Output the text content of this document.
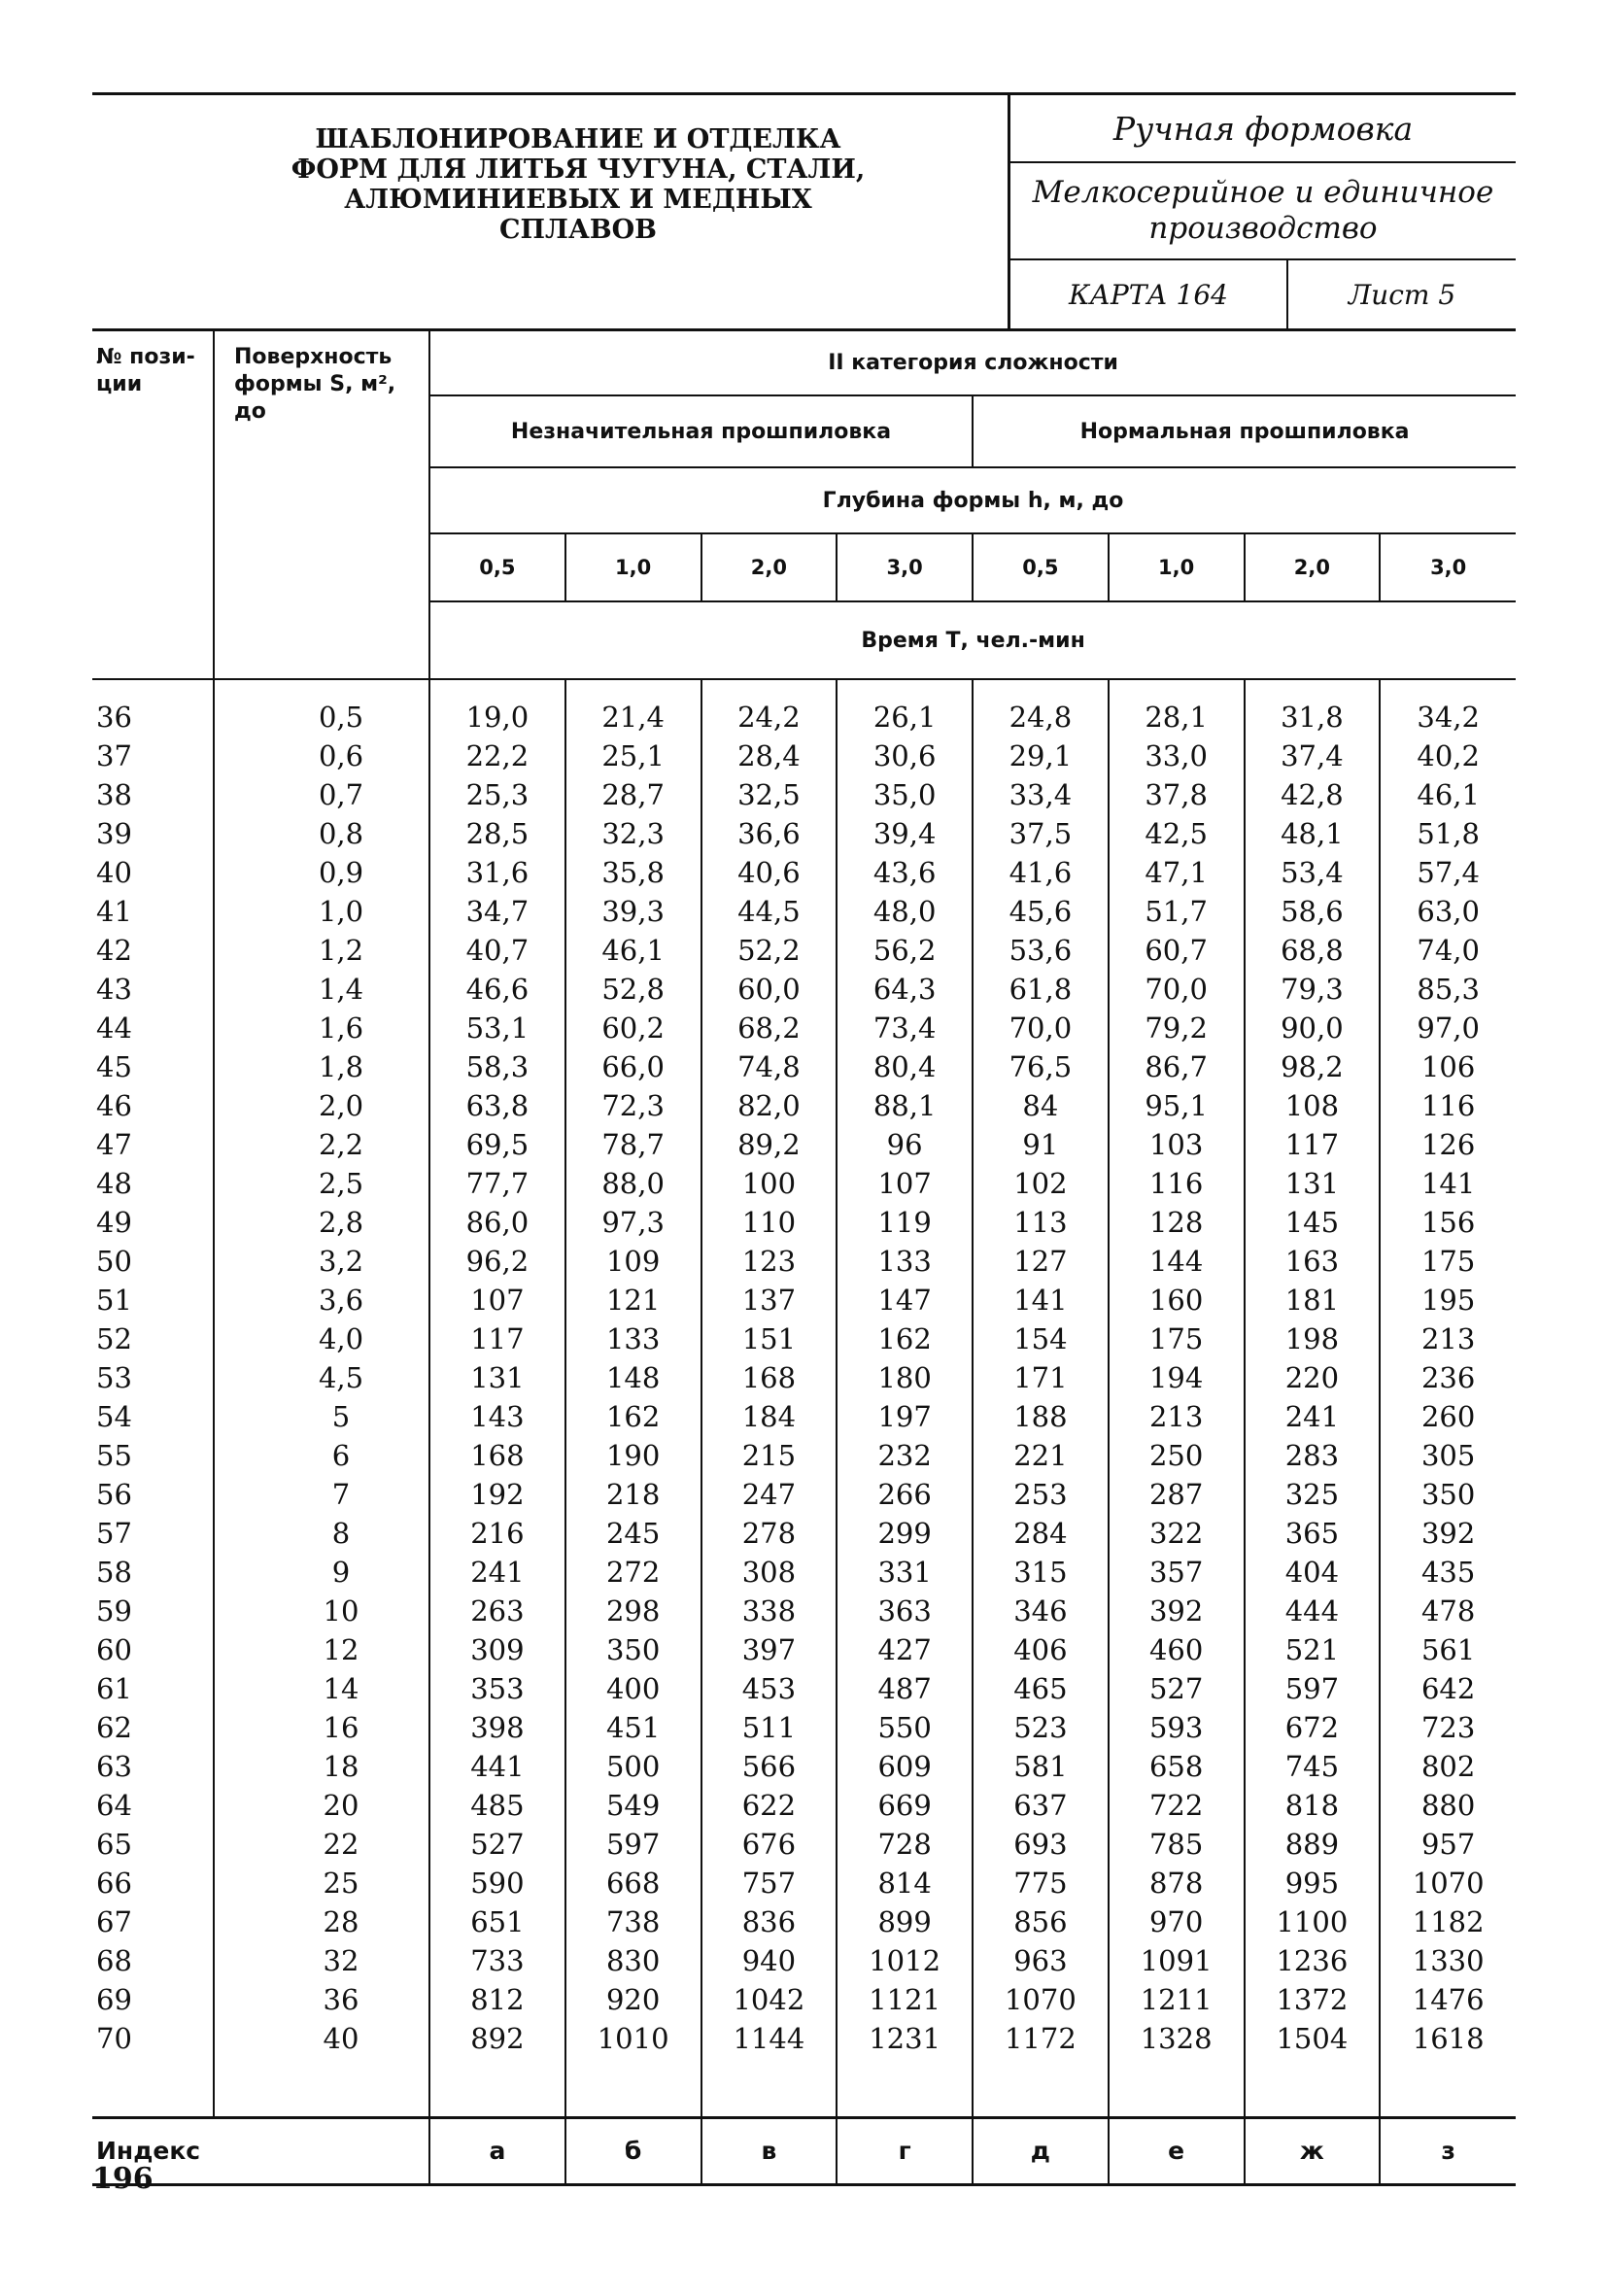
ШАБЛОНИРОВАНИЕ И ОТДЕЛКА
ФОРМ ДЛЯ ЛИТЬЯ ЧУГУНА, СТАЛИ,
АЛЮМИНИЕВЫХ И МЕДНЫХ
СПЛАВОВ
Ручная формовка
Мелкосерийное и единичное
производство
КАРТА 164	Лист 5
№ пози-
ции	Поверхность
формы S, м², до	II категория сложности							
		Незначительная прошпиловка				Нормальная прошпиловка			
		Глубина формы h, м, до							
		0,5	1,0	2,0	3,0	0,5	1,0	2,0	3,0
		Время Т, чел.-мин							
36	0,5	19,0	21,4	24,2	26,1	24,8	28,1	31,8	34,2
37	0,6	22,2	25,1	28,4	30,6	29,1	33,0	37,4	40,2
38	0,7	25,3	28,7	32,5	35,0	33,4	37,8	42,8	46,1
39	0,8	28,5	32,3	36,6	39,4	37,5	42,5	48,1	51,8
40	0,9	31,6	35,8	40,6	43,6	41,6	47,1	53,4	57,4
41	1,0	34,7	39,3	44,5	48,0	45,6	51,7	58,6	63,0
42	1,2	40,7	46,1	52,2	56,2	53,6	60,7	68,8	74,0
43	1,4	46,6	52,8	60,0	64,3	61,8	70,0	79,3	85,3
44	1,6	53,1	60,2	68,2	73,4	70,0	79,2	90,0	97,0
45	1,8	58,3	66,0	74,8	80,4	76,5	86,7	98,2	106
46	2,0	63,8	72,3	82,0	88,1	84	95,1	108	116
47	2,2	69,5	78,7	89,2	96	91	103	117	126
48	2,5	77,7	88,0	100	107	102	116	131	141
49	2,8	86,0	97,3	110	119	113	128	145	156
50	3,2	96,2	109	123	133	127	144	163	175
51	3,6	107	121	137	147	141	160	181	195
52	4,0	117	133	151	162	154	175	198	213
53	4,5	131	148	168	180	171	194	220	236
54	5	143	162	184	197	188	213	241	260
55	6	168	190	215	232	221	250	283	305
56	7	192	218	247	266	253	287	325	350
57	8	216	245	278	299	284	322	365	392
58	9	241	272	308	331	315	357	404	435
59	10	263	298	338	363	346	392	444	478
60	12	309	350	397	427	406	460	521	561
61	14	353	400	453	487	465	527	597	642
62	16	398	451	511	550	523	593	672	723
63	18	441	500	566	609	581	658	745	802
64	20	485	549	622	669	637	722	818	880
65	22	527	597	676	728	693	785	889	957
66	25	590	668	757	814	775	878	995	1070
67	28	651	738	836	899	856	970	1100	1182
68	32	733	830	940	1012	963	1091	1236	1330
69	36	812	920	1042	1121	1070	1211	1372	1476
70	40	892	1010	1144	1231	1172	1328	1504	1618

Индекс		а	б	в	г	д	е	ж	з
196
